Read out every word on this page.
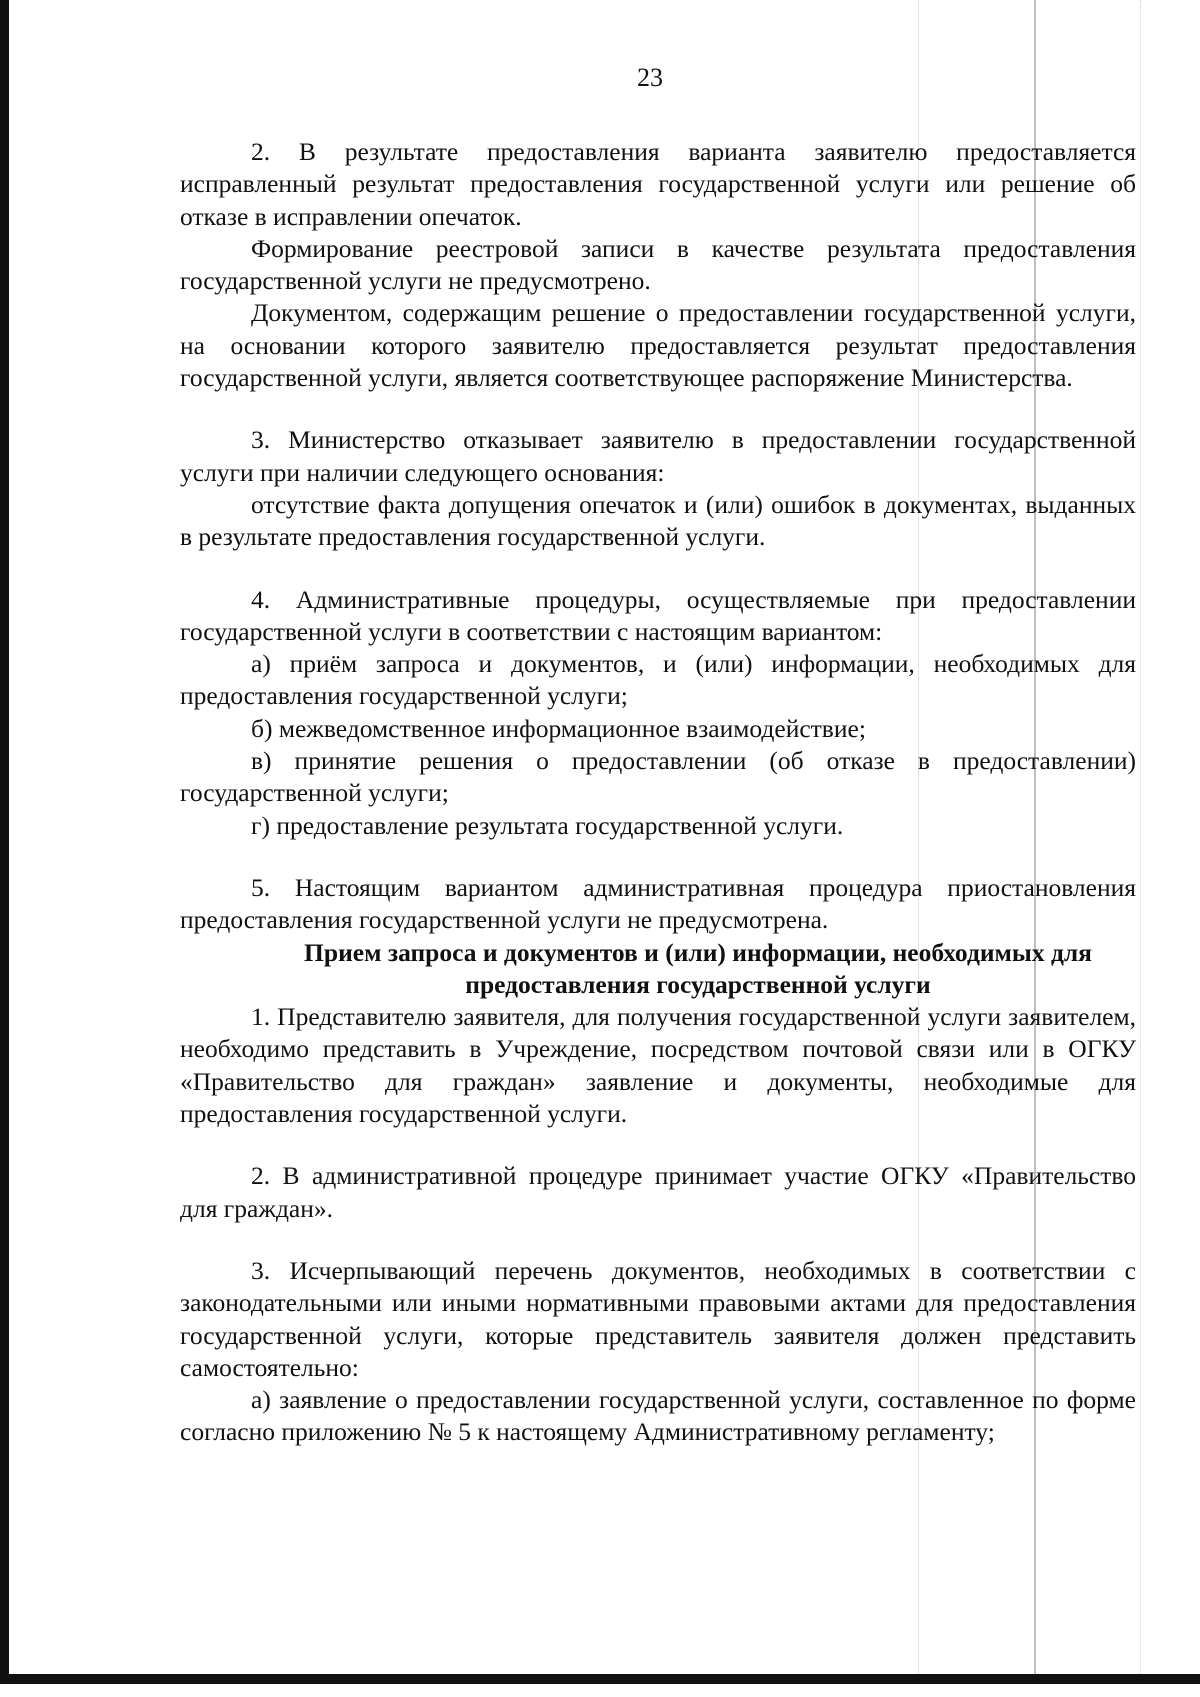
23

2. В результате предоставления варианта заявителю предоставляется исправленный результат предоставления государственной услуги или решение об отказе в исправлении опечаток.

Формирование реестровой записи в качестве результата предоставления государственной услуги не предусмотрено.

Документом, содержащим решение о предоставлении государственной услуги, на основании которого заявителю предоставляется результат предоставления государственной услуги, является соответствующее распоряжение Министерства.

3. Министерство отказывает заявителю в предоставлении государственной услуги при наличии следующего основания:

отсутствие факта допущения опечаток и (или) ошибок в документах, выданных в результате предоставления государственной услуги.

4. Административные процедуры, осуществляемые при предоставлении государственной услуги в соответствии с настоящим вариантом:

а) приём запроса и документов, и (или) информации, необходимых для предоставления государственной услуги;

б) межведомственное информационное взаимодействие;

в) принятие решения о предоставлении (об отказе в предоставлении) государственной услуги;

г) предоставление результата государственной услуги.

5. Настоящим вариантом административная процедура приостановления предоставления государственной услуги не предусмотрена.

Прием запроса и документов и (или) информации, необходимых для предоставления государственной услуги

1. Представителю заявителя, для получения государственной услуги заявителем, необходимо представить в Учреждение, посредством почтовой связи или в ОГКУ «Правительство для граждан» заявление и документы, необходимые для предоставления государственной услуги.

2. В административной процедуре принимает участие ОГКУ «Правительство для граждан».

3. Исчерпывающий перечень документов, необходимых в соответствии с законодательными или иными нормативными правовыми актами для предоставления государственной услуги, которые представитель заявителя должен представить самостоятельно:

а) заявление о предоставлении государственной услуги, составленное по форме согласно приложению № 5 к настоящему Административному регламенту;
